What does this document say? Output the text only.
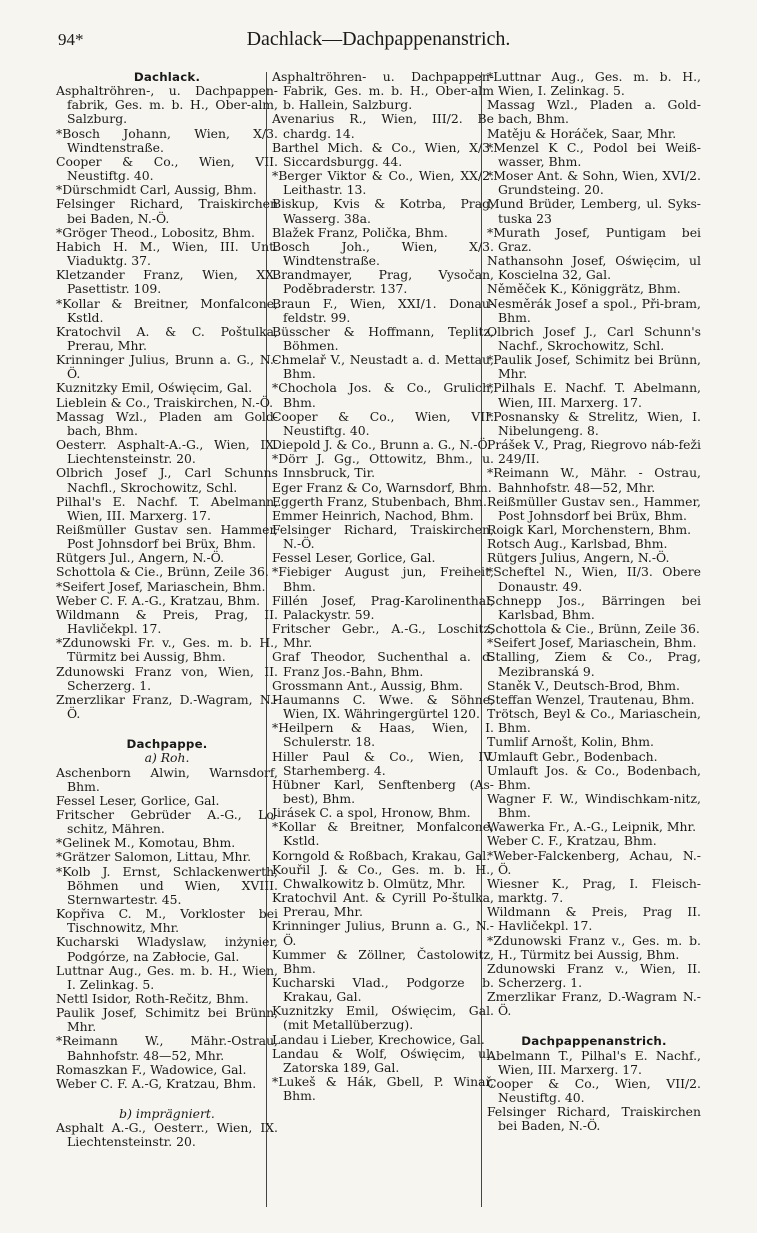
94*	Dachlack—Dachpappenanstrich.

Dachlack.

Asphaltröhren-, u. Dachpappen-fabrik, Ges. m. b. H., Ober-alm, Salzburg.

*Bosch Johann, Wien, X/3. Windtenstraße.

Cooper & Co., Wien, VII. Neustiftg. 40.

*Dürschmidt Carl, Aussig, Bhm.

Felsinger Richard, Traiskirchen bei Baden, N.-Ö.

*Gröger Theod., Lobositz, Bhm.

Habich H. M., Wien, III. Unt. Viaduktg. 37.

Kletzander Franz, Wien, XX. Pasettistr. 109.

*Kollar & Breitner, Monfalcone, Kstld.

Kratochvil A. & C. Poštulka, Prerau, Mhr.

Krinninger Julius, Brunn a. G., N.-Ö.

Kuznitzky Emil, Oświęcim, Gal.

Lieblein & Co., Traiskirchen, N.-Ö.

Massag Wzl., Pladen am Gold-bach, Bhm.

Oesterr. Asphalt-A.-G., Wien, IX. Liechtensteinstr. 20.

Olbrich Josef J., Carl Schunns Nachfl., Skrochowitz, Schl.

Pilhal's E. Nachf. T. Abelmann, Wien, III. Marxerg. 17.

Reißmüller Gustav sen. Hammer, Post Johnsdorf bei Brüx, Bhm.

Rütgers Jul., Angern, N.-Ö.

Schottola & Cie., Brünn, Zeile 36.

*Seifert Josef, Mariaschein, Bhm.

Weber C. F. A.-G., Kratzau, Bhm.

Wildmann & Preis, Prag, II. Havličekpl. 17.

*Zdunowski Fr. v., Ges. m. b. H., Türmitz bei Aussig, Bhm.

Zdunowski Franz von, Wien, II. Scherzerg. 1.

Zmerzlikar Franz, D.-Wagram, N.-Ö.

Dachpappe.

a) Roh.

Aschenborn Alwin, Warnsdorf, Bhm.

Fessel Leser, Gorlice, Gal.

Fritscher Gebrüder A.-G., Lo-schitz, Mähren.

*Gelinek M., Komotau, Bhm.

*Grätzer Salomon, Littau, Mhr.

*Kolb J. Ernst, Schlackenwerth, Böhmen und Wien, XVIII. Sternwartestr. 45.

Kopřiva C. M., Vorkloster bei Tischnowitz, Mhr.

Kucharski Wladyslaw, inżynier, Podgórze, na Zabłocie, Gal.

Luttnar Aug., Ges. m. b. H., Wien, I. Zelinkag. 5.

Nettl Isidor, Roth-Rečitz, Bhm.

Paulik Josef, Schimitz bei Brünn, Mhr.

*Reimann W., Mähr.-Ostrau, Bahnhofstr. 48—52, Mhr.

Romaszkan F., Wadowice, Gal.

Weber C. F. A.-G, Kratzau, Bhm.

b) imprägniert.

Asphalt A.-G., Oesterr., Wien, IX. Liechtensteinstr. 20.

Asphaltröhren- u. Dachpappen-Fabrik, Ges. m. b. H., Ober-alm b. Hallein, Salzburg.

Avenarius R., Wien, III/2. Be chardg. 14.

Barthel Mich. & Co., Wien, X/3. Siccardsburgg. 44.

*Berger Viktor & Co., Wien, XX/2. Leithastr. 13.

Biskup, Kvis & Kotrba, Prag, Wasserg. 38a.

Blažek Franz, Polička, Bhm.

Bosch Joh., Wien, X/3. Windtenstraße.

Brandmayer, Prag, Vysočan, Poděbraderstr. 137.

Braun F., Wien, XXI/1. Donau-feldstr. 99.

Büsscher & Hoffmann, Teplitz, Böhmen.

Chmelař V., Neustadt a. d. Mettau, Bhm.

*Chochola Jos. & Co., Grulich, Bhm.

Cooper & Co., Wien, VII. Neustiftg. 40.

Diepold J. & Co., Brunn a. G., N.-Ö.

*Dörr J. Gg., Ottowitz, Bhm., u. Innsbruck, Tir.

Eger Franz & Co, Warnsdorf, Bhm.

Eggerth Franz, Stubenbach, Bhm.

Emmer Heinrich, Nachod, Bhm.

Felsinger Richard, Traiskirchen, N.-Ö.

Fessel Leser, Gorlice, Gal.

*Fiebiger August jun, Freiheit, Bhm.

Fillén Josef, Prag-Karolinenthal, Palackystr. 59.

Fritscher Gebr., A.-G., Loschitz, Mhr.

Graf Theodor, Suchenthal a. d. Franz Jos.-Bahn, Bhm.

Grossmann Ant., Aussig, Bhm.

Haumanns C. Wwe. & Söhne, Wien, IX. Währingergürtel 120.

*Heilpern & Haas, Wien, I. Schulerstr. 18.

Hiller Paul & Co., Wien, IV. Starhemberg. 4.

Hübner Karl, Senftenberg (As-best), Bhm.

Jirásek C. a spol, Hronow, Bhm.

*Kollar & Breitner, Monfalcone, Kstld.

Korngold & Roßbach, Krakau, Gal.

Kouřil J. & Co., Ges. m. b. H., Chwalkowitz b. Olmütz, Mhr.

Kratochvil Ant. & Cyrill Po-štulka, Prerau, Mhr.

Krinninger Julius, Brunn a. G., N.-Ö.

Kummer & Zöllner, Častolowitz, Bhm.

Kucharski Vlad., Podgorze b. Krakau, Gal.

Kuznitzky Emil, Oświęcim, Gal. (mit Metallüberzug).

Landau i Lieber, Krechowice, Gal.

Landau & Wolf, Oświęcim, ul. Zatorska 189, Gal.

*Lukeš & Hák, Gbell, P. Winař, Bhm.

*Luttnar Aug., Ges. m. b. H., Wien, I. Zelinkag. 5.

Massag Wzl., Pladen a. Gold-bach, Bhm.

Matěju & Horáček, Saar, Mhr.

*Menzel K C., Podol bei Weiß-wasser, Bhm.

*Moser Ant. & Sohn, Wien, XVI/2. Grundsteing. 20.

Mund Brüder, Lemberg, ul. Syks-tuska 23

*Murath Josef, Puntigam bei Graz.

Nathansohn Josef, Oświęcim, ul Koscielna 32, Gal.

Něměček K., Königgrätz, Bhm.

Nesměrák Josef a spol., Při-bram, Bhm.

Olbrich Josef J., Carl Schunn's Nachf., Skrochowitz, Schl.

*Paulik Josef, Schimitz bei Brünn, Mhr.

*Pilhals E. Nachf. T. Abelmann, Wien, III. Marxerg. 17.

*Posnansky & Strelitz, Wien, I. Nibelungeng. 8.

Prášek V., Prag, Riegrovo náb-feži 249/II.

*Reimann W., Mähr. - Ostrau, Bahnhofstr. 48—52, Mhr.

Reißmüller Gustav sen., Hammer, Post Johnsdorf bei Brüx, Bhm.

Roigk Karl, Morchenstern, Bhm.

Rotsch Aug., Karlsbad, Bhm.

Rütgers Julius, Angern, N.-Ö.

*Scheftel N., Wien, II/3. Obere Donaustr. 49.

Schnepp Jos., Bärringen bei Karlsbad, Bhm.

Schottola & Cie., Brünn, Zeile 36.

*Seifert Josef, Mariaschein, Bhm.

Stalling, Ziem & Co., Prag, Mezibranská 9.

Staněk V., Deutsch-Brod, Bhm.

Steffan Wenzel, Trautenau, Bhm.

Trötsch, Beyl & Co., Mariaschein, Bhm.

Tumlif Arnošt, Kolin, Bhm.

Umlauft Gebr., Bodenbach.

Umlauft Jos. & Co., Bodenbach, Bhm.

Wagner F. W., Windischkam-nitz, Bhm.

Wawerka Fr., A.-G., Leipnik, Mhr.

Weber C. F., Kratzau, Bhm.

*Weber-Falckenberg, Achau, N.-Ö.

Wiesner K., Prag, I. Fleisch-marktg. 7.

Wildmann & Preis, Prag II. Havličekpl. 17.

*Zdunowski Franz v., Ges. m. b. H., Türmitz bei Aussig, Bhm.

Zdunowski Franz v., Wien, II. Scherzerg. 1.

Zmerzlikar Franz, D.-Wagram N.-Ö.

Dachpappenanstrich.

Abelmann T., Pilhal's E. Nachf., Wien, III. Marxerg. 17.

Cooper & Co., Wien, VII/2. Neustiftg. 40.

Felsinger Richard, Traiskirchen bei Baden, N.-Ö.
